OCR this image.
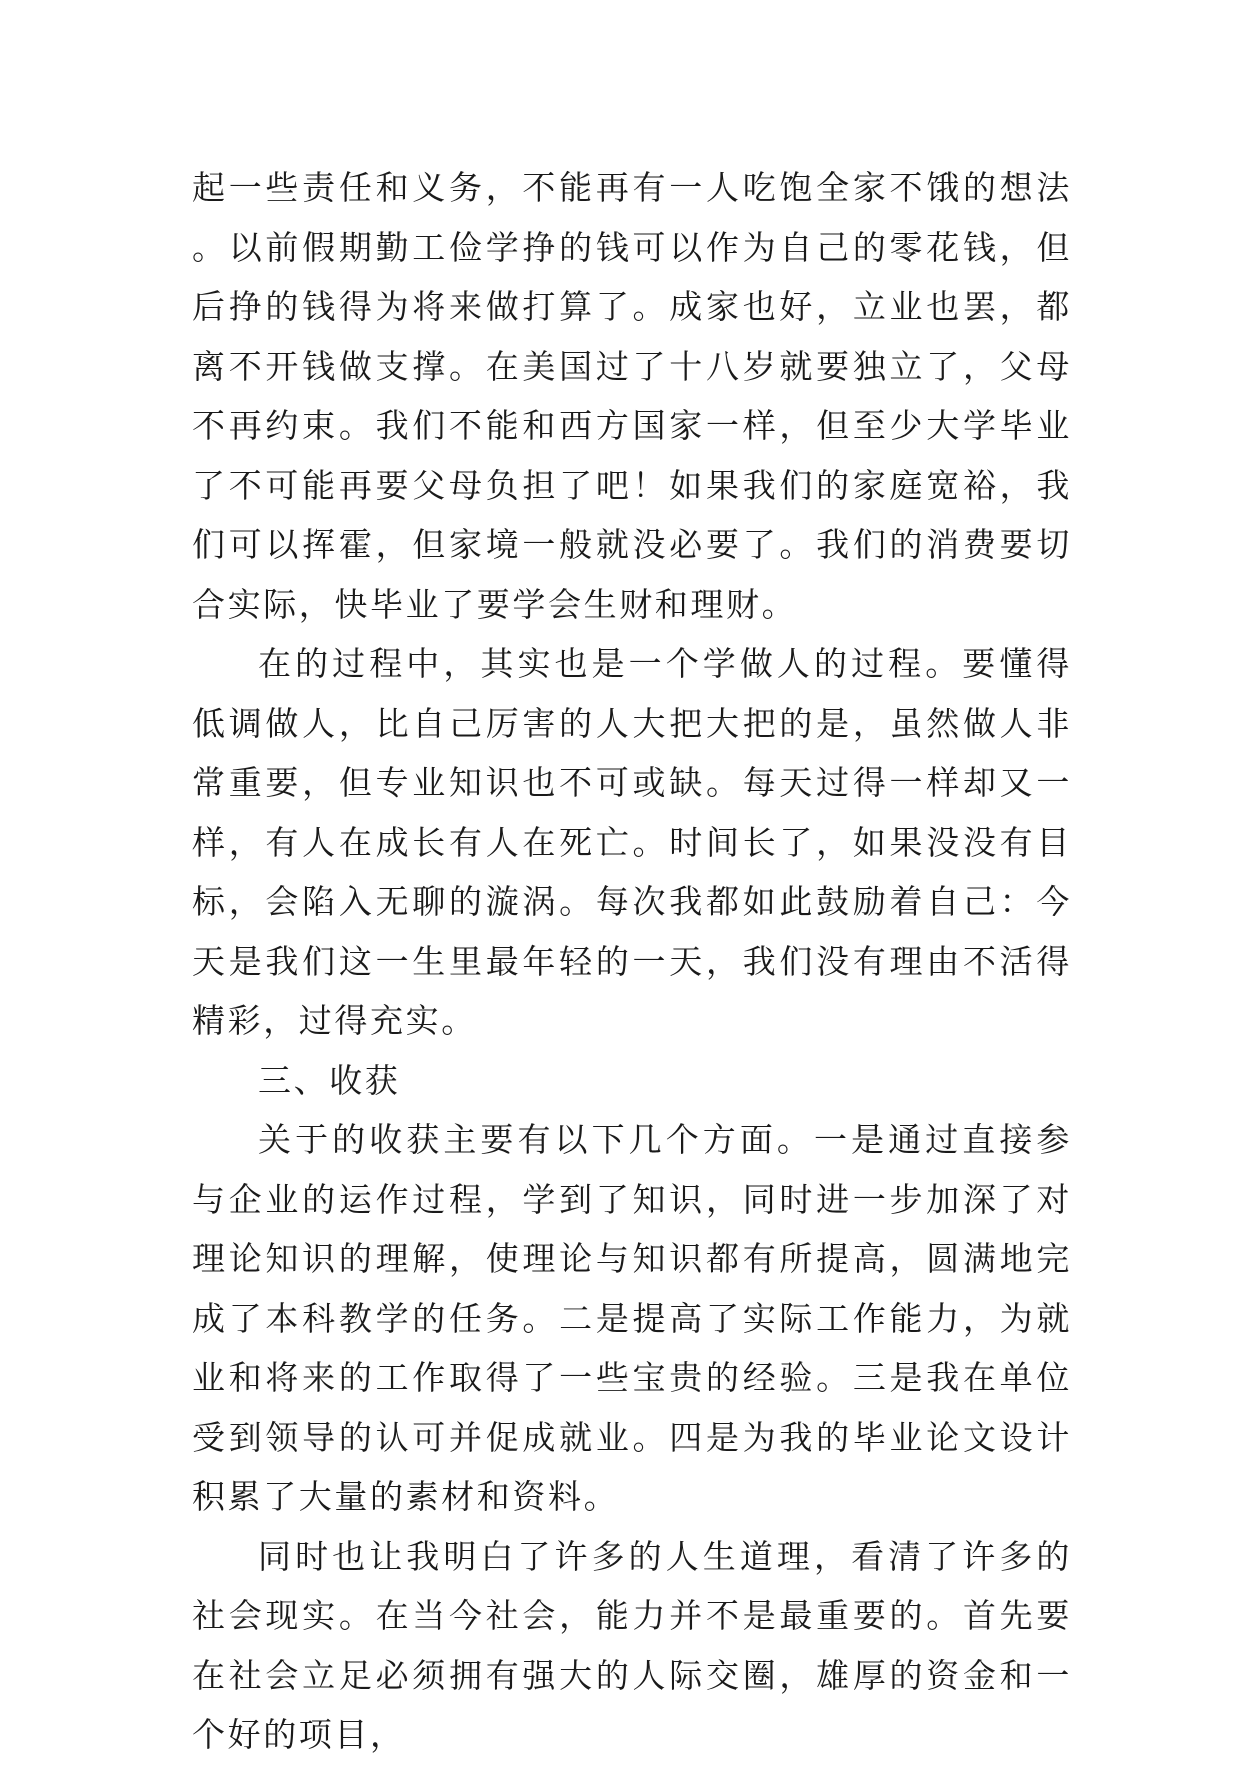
起一些责任和义务，不能再有一人吃饱全家不饿的想法。以前假期勤工俭学挣的钱可以作为自己的零花钱，但后挣的钱得为将来做打算了。成家也好，立业也罢，都离不开钱做支撑。在美国过了十八岁就要独立了，父母不再约束。我们不能和西方国家一样，但至少大学毕业了不可能再要父母负担了吧！如果我们的家庭宽裕，我们可以挥霍，但家境一般就没必要了。我们的消费要切合实际，快毕业了要学会生财和理财。

在的过程中，其实也是一个学做人的过程。要懂得低调做人，比自己厉害的人大把大把的是，虽然做人非常重要，但专业知识也不可或缺。每天过得一样却又一样，有人在成长有人在死亡。时间长了，如果没没有目标，会陷入无聊的漩涡。每次我都如此鼓励着自己：今天是我们这一生里最年轻的一天，我们没有理由不活得精彩，过得充实。

三、收获

关于的收获主要有以下几个方面。一是通过直接参与企业的运作过程，学到了知识，同时进一步加深了对理论知识的理解，使理论与知识都有所提高，圆满地完成了本科教学的任务。二是提高了实际工作能力，为就业和将来的工作取得了一些宝贵的经验。三是我在单位受到领导的认可并促成就业。四是为我的毕业论文设计积累了大量的素材和资料。

同时也让我明白了许多的人生道理，看清了许多的社会现实。在当今社会，能力并不是最重要的。首先要在社会立足必须拥有强大的人际交圈，雄厚的资金和一个好的项目，
